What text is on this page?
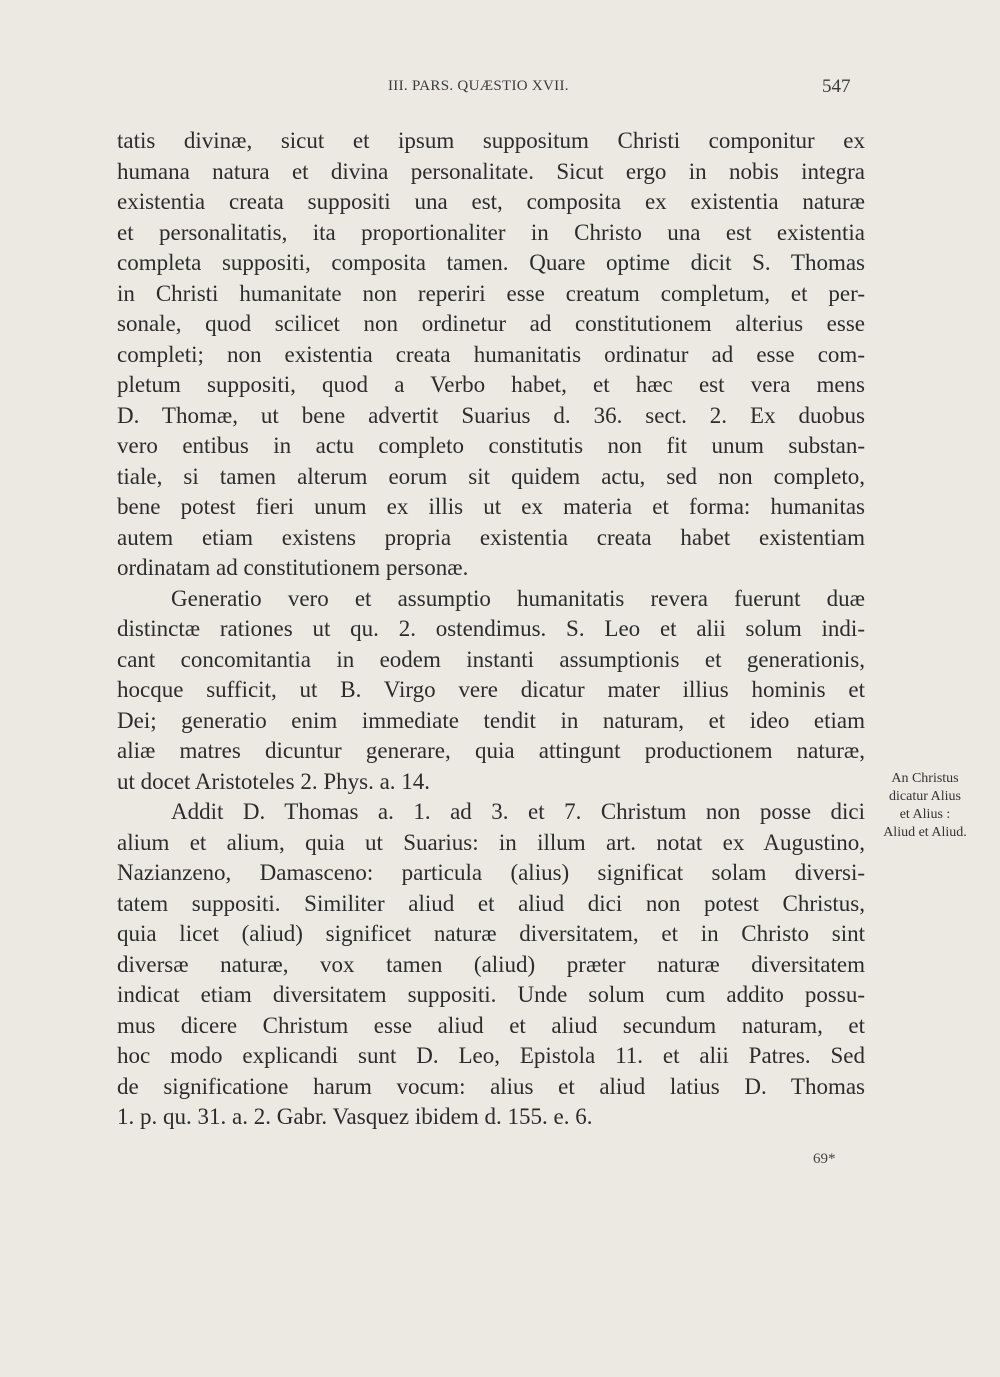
III. PARS. QUÆSTIO XVII.	547

tatis divinæ, sicut et ipsum suppositum Christi componitur ex
humana natura et divina personalitate. Sicut ergo in nobis integra
existentia creata suppositi una est, composita ex existentia naturæ
et personalitatis, ita proportionaliter in Christo una est existentia
completa suppositi, composita tamen. Quare optime dicit S. Thomas
in Christi humanitate non reperiri esse creatum completum, et per-
sonale, quod scilicet non ordinetur ad constitutionem alterius esse
completi; non existentia creata humanitatis ordinatur ad esse com-
pletum suppositi, quod a Verbo habet, et hæc est vera mens
D. Thomæ, ut bene advertit Suarius d. 36. sect. 2. Ex duobus
vero entibus in actu completo constitutis non fit unum substan-
tiale, si tamen alterum eorum sit quidem actu, sed non completo,
bene potest fieri unum ex illis ut ex materia et forma: humanitas
autem etiam existens propria existentia creata habet existentiam
ordinatam ad constitutionem personæ.

Generatio vero et assumptio humanitatis revera fuerunt duæ
distinctæ rationes ut qu. 2. ostendimus. S. Leo et alii solum indi-
cant concomitantia in eodem instanti assumptionis et generationis,
hocque sufficit, ut B. Virgo vere dicatur mater illius hominis et
Dei; generatio enim immediate tendit in naturam, et ideo etiam
aliæ matres dicuntur generare, quia attingunt productionem naturæ,
ut docet Aristoteles 2. Phys. a. 14.

Addit D. Thomas a. 1. ad 3. et 7. Christum non posse dici
alium et alium, quia ut Suarius: in illum art. notat ex Augustino,
Nazianzeno, Damasceno: particula (alius) significat solam diversi-
tatem suppositi. Similiter aliud et aliud dici non potest Christus,
quia licet (aliud) significet naturæ diversitatem, et in Christo sint
diversæ naturæ, vox tamen (aliud) præter naturæ diversitatem
indicat etiam diversitatem suppositi. Unde solum cum addito possu-
mus dicere Christum esse aliud et aliud secundum naturam, et
hoc modo explicandi sunt D. Leo, Epistola 11. et alii Patres. Sed
de significatione harum vocum: alius et aliud latius D. Thomas
1. p. qu. 31. a. 2. Gabr. Vasquez ibidem d. 155. e. 6.

An Christus
dicatur Alius
et Alius :
Aliud et Aliud.
69*
